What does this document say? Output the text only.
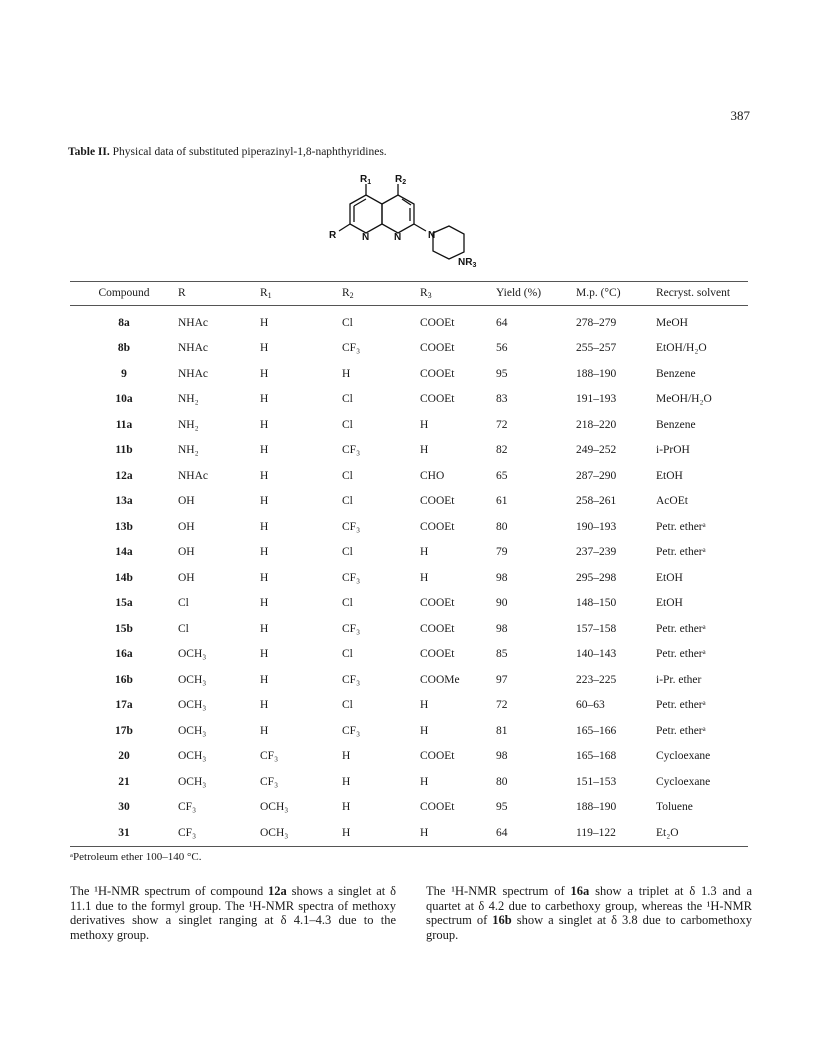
387
Table II. Physical data of substituted piperazinyl-1,8-naphthyridines.
$R_1$ $R_2$
R	N N	N
$NR_3$
Compound	R	$R_1$	$R_2$	$R_3$	Yield (%)	M.p. (°C)	Recryst. solvent
8a	NHAc	H	Cl	COOEt	64	278–279	MeOH
8b	NHAc	H	CF₃	COOEt	56	255–257	EtOH/H₂O
9	NHAc	H	H	COOEt	95	188–190	Benzene
10a	NH₂	H	Cl	COOEt	83	191–193	MeOH/H₂O
11a	NH₂	H	Cl	H	72	218–220	Benzene
11b	NH₂	H	CF₃	H	82	249–252	i-PrOH
12a	NHAc	H	Cl	CHO	65	287–290	EtOH
13a	OH	H	Cl	COOEt	61	258–261	AcOEt
13b	OH	H	CF₃	COOEt	80	190–193	Petr. etherᵃ
14a	OH	H	Cl	H	79	237–239	Petr. etherᵃ
14b	OH	H	CF₃	H	98	295–298	EtOH
15a	Cl	H	Cl	COOEt	90	148–150	EtOH
15b	Cl	H	CF₃	COOEt	98	157–158	Petr. etherᵃ
16a	OCH₃	H	Cl	COOEt	85	140–143	Petr. etherᵃ
16b	OCH₃	H	CF₃	COOMe	97	223–225	i-Pr. ether
17a	OCH₃	H	Cl	H	72	60–63	Petr. etherᵃ
17b	OCH₃	H	CF₃	H	81	165–166	Petr. etherᵃ
20	OCH₃	CF₃	H	COOEt	98	165–168	Cycloexane
21	OCH₃	CF₃	H	H	80	151–153	Cycloexane
30	CF₃	OCH₃	H	COOEt	95	188–190	Toluene
31	CF₃	OCH₃	H	H	64	119–122	Et₂O
ᵃPetroleum ether 100–140 °C.
The ¹H-NMR spectrum of compound 12a shows a singlet at δ 11.1 due to the formyl group. The ¹H-NMR spectra of methoxy derivatives show a singlet ranging at δ 4.1–4.3 due to the methoxy group.
The ¹H-NMR spectrum of 16a show a triplet at δ 1.3 and a quartet at δ 4.2 due to carbethoxy group, whereas the ¹H-NMR spectrum of 16b show a singlet at δ 3.8 due to carbomethoxy group.
